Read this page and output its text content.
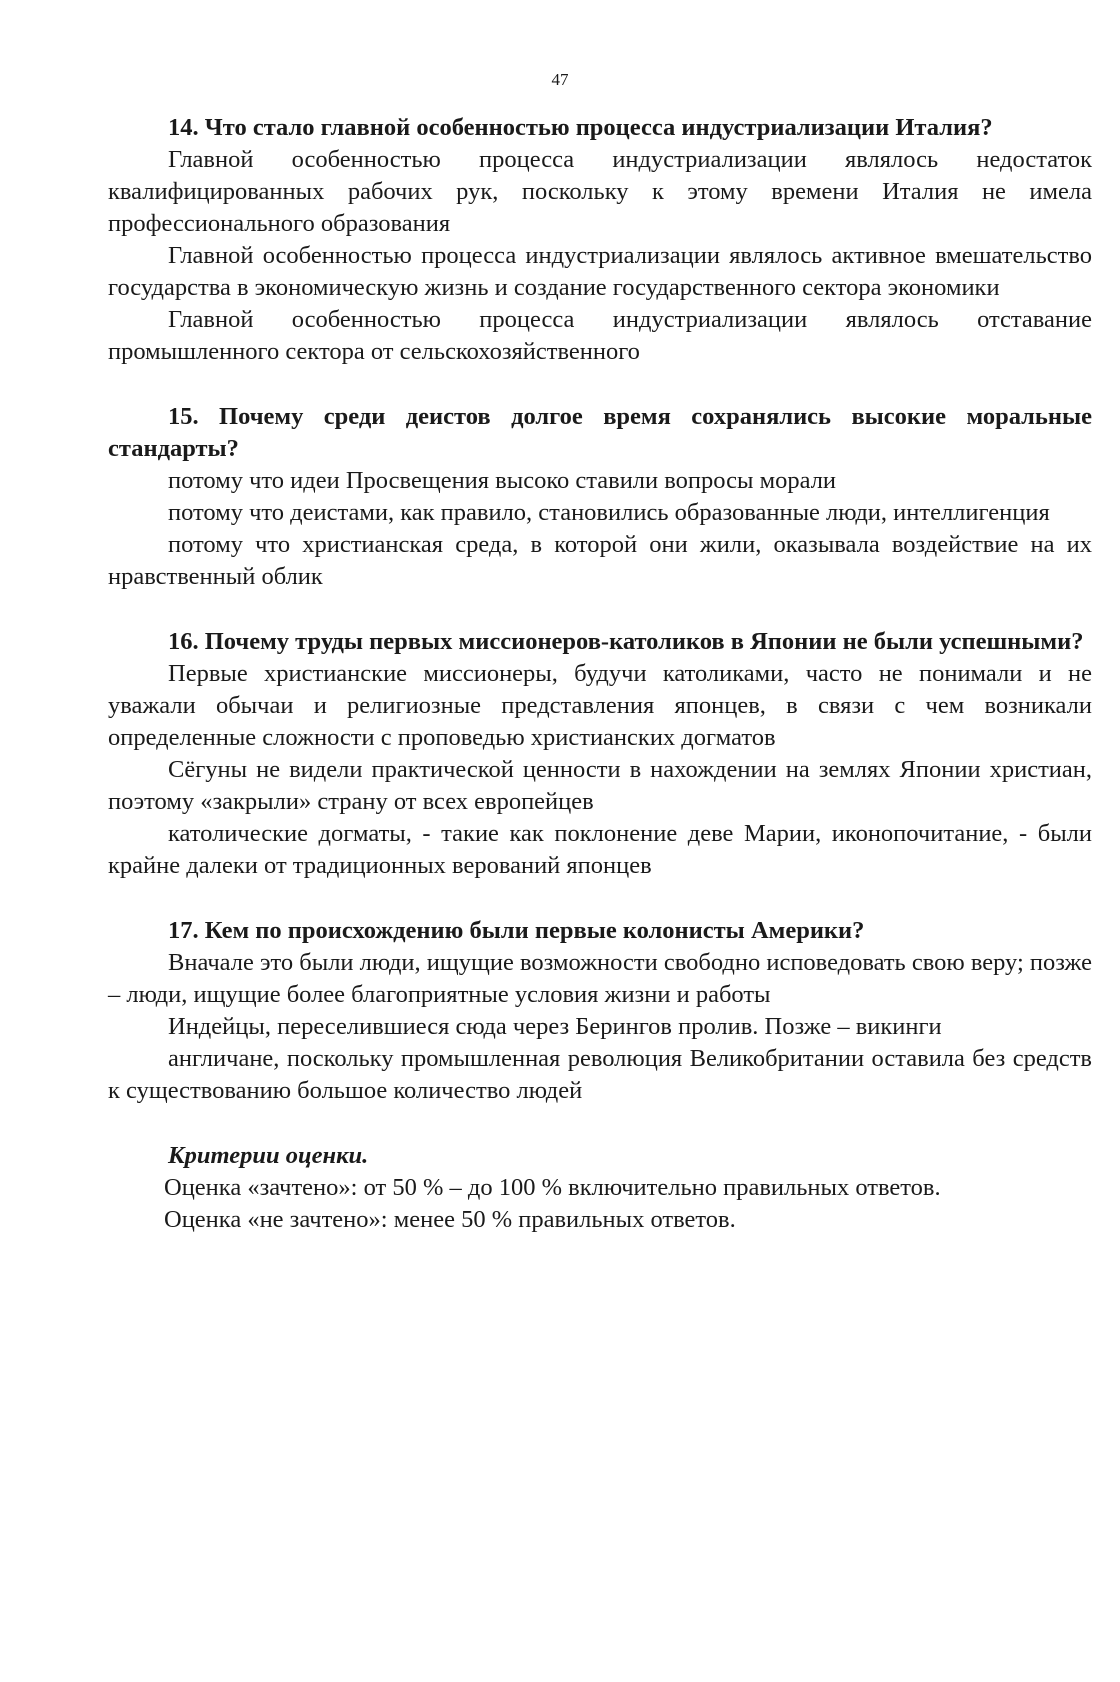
47

14. Что стало главной особенностью процесса индустриализации Италия?

Главной особенностью процесса индустриализации являлось недостаток квалифицированных рабочих рук, поскольку к этому времени Италия не имела профессионального образования

Главной особенностью процесса индустриализации являлось активное вмешательство государства в экономическую жизнь и создание государственного сектора экономики

Главной особенностью процесса индустриализации являлось отставание промышленного сектора от сельскохозяйственного

15. Почему среди деистов долгое время сохранялись высокие моральные стандарты?

потому что идеи Просвещения высоко ставили вопросы морали

потому что деистами, как правило, становились образованные люди, интеллигенция

потому что христианская среда, в которой они жили, оказывала воздействие на их нравственный облик

16. Почему труды первых миссионеров-католиков в Японии не были успешными?

Первые христианские миссионеры, будучи католиками, часто не понимали и не уважали обычаи и религиозные представления японцев, в связи с чем возникали определенные сложности с проповедью христианских догматов

Сёгуны не видели практической ценности в нахождении на землях Японии христиан, поэтому «закрыли» страну от всех европейцев

католические догматы, - такие как поклонение деве Марии, иконопочитание, - были крайне далеки от традиционных верований японцев

17. Кем по происхождению были первые колонисты Америки?

Вначале это были люди, ищущие возможности свободно исповедовать свою веру; позже – люди, ищущие более благоприятные условия жизни и работы

Индейцы, переселившиеся сюда через Берингов пролив. Позже – викинги

англичане, поскольку промышленная революция Великобритании оставила без средств к существованию большое количество людей

Критерии оценки.

Оценка «зачтено»: от 50 % – до 100 % включительно правильных ответов.

Оценка «не зачтено»: менее 50 % правильных ответов.
